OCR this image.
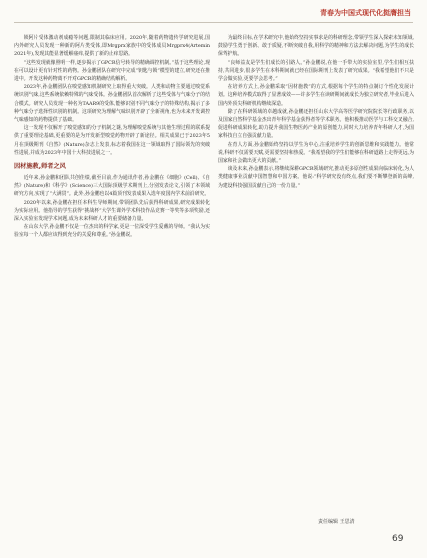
青春为中国式现代化挺膺担当

锁阿片受体激动剂成瘾等问题,限制其临床应用。2020年,随着药物遗传学研究进展,国内外研究人员发现一种新的阿片类受体,即Mrgprx家族中的受体成员Mrgprx4(Artemin 2021年),发现其能显著缓解瘙痒,提供了新的止痒思路。

“这些发现就像照明一样,逐步揭示了GPCR信号转导的精确调控机制。”基于这些理论,现在可以设计更有针对性的药物。孙金鹏团队在研究中完成“钥匙与锁”模型的建立,研究还在推进中。开发这种药物离不开对GPCR的精确结构解析。

2023年,孙金鹏团队在嗅觉感知机制研究上取得重大突破。人类和动物主要通过嗅觉系统识别气味,这些系统依赖特殊的气味受体。孙金鹏团队首次解析了这些受体与气味分子的结合模式。研究人员发现一种名为TAAR9的受体,能够识别不同气味分子的特殊结构,揭示了多种气味分子选择性识别的机制。这项研究为理解气味识别开辟了全新视角,也为未来开发调控气味感知的药物提供了基础。

这一发现不仅解开了嗅觉感知的分子机制之谜,为理解嗅觉系统与其他生理过程的联系提供了重要理论基础,更重要的是为开发新型嗅觉药物开辟了新途径。相关成果已于2023年5月在顶级期刊《自然》(Nature)杂志上发表,标志着我国在这一领域取得了国际领先的突破性进展,并成为2023年中国十大科技进展之一。

因材施教,师者之风

近年来,孙金鹏和团队共创佳绩,截至目前,作为通讯作者,孙金鹏在《细胞》(Cell)、《自然》(Nature)和《科学》(Science)三大国际顶级学术期刊上,分别发表论文,引领了本领域研究方向,实现了“大满贯”。此外,孙金鹏也以4篇顶刊发表成果入选年度国内学术前沿研究。

2020年以来,孙金鹏在担任本科生导师期间,带领团队先后获得科研成果,研究成果转化为实际应用。他指导的学生获得“挑战杯”大学生课外学术科技作品竞赛一等奖等多项奖励,还深入实验室发现学术问题,成为未来科研人才的重要储备力量。

在山东大学,孙金鹏不仅是一位杰出的科学家,更是一位深受学生爱戴的导师。“我认为实验室每一个人都应该得到充分的关爱和尊重。”孙金鹏说。

为最终目标,在学术研究中,他始终坚持实事求是的科研理念,带领学生深入探索未知领域,鼓励学生勇于创新、敢于质疑,不断突破自我,用科学的精神和方法去解决问题,为学生的成长保驾护航。

“良师益友是学生们成长的引路人。”孙金鹏说,在他一手带大的实验室里,学生们相互扶持,共同进步,很多学生在本科期间就已经在国际期刊上发表了研究成果。“我希望他们不只是学会做实验,更要学会思考。”

在培养方式上,孙金鹏采取“因材施教”的方式,根据每个学生的特点制订个性化发展计划。这种培养模式取得了显著成效——许多学生在读研期间就成长为独立研究者,毕业后进入国内外顶尖科研机构继续深造。

除了在科研领域的卓越成就,孙金鹏还担任山东大学高等医学研究院院长等行政职务,以及国家自然科学基金杰出青年科学基金获得者等学术职务。他积极推动医学与工科交叉融合,促进科研成果转化,助力提升我国生物医药产业的原创能力,同时大力培养青年科研人才,为国家科技自立自强贡献力量。

在育人方面,孙金鹏始终坚持以学生为中心,注重培养学生的创新思维和实践能力。他常说,科研不仅需要天赋,更需要坚持和热爱。“我希望我的学生们能够在科研道路上走得更远,为国家和社会做出更大的贡献。”

谈及未来,孙金鹏表示,将继续深耕GPCR领域研究,推动更多原创性成果向临床转化,为人类健康事业贡献中国智慧和中国方案。他说:“科学研究没有终点,我们要不断攀登新的高峰,为建设科技强国贡献自己的一份力量。”

责任编辑 王思清
69
